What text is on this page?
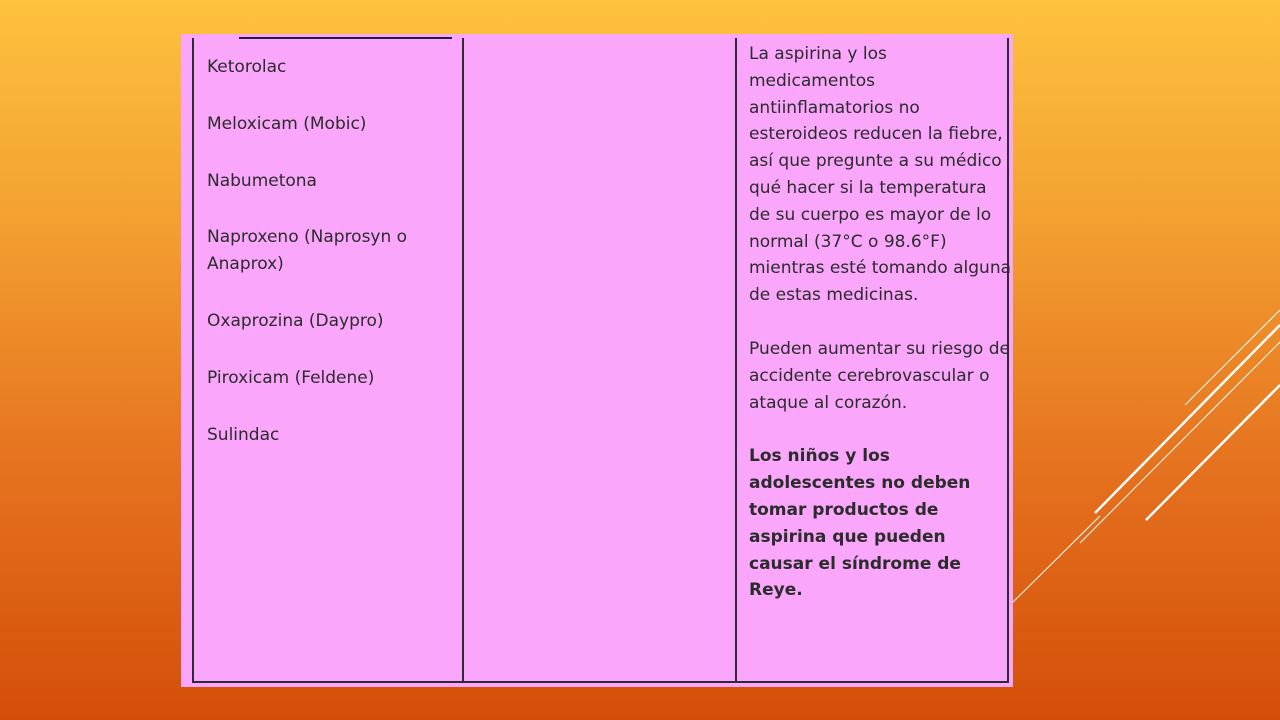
Ketorolac
Meloxicam (Mobic)
Nabumetona
Naproxeno (Naprosyn o Anaprox)
Oxaprozina (Daypro)
Piroxicam (Feldene)
Sulindac
La aspirina y los medicamentos antiinflamatorios no esteroideos reducen la fiebre, así que pregunte a su médico qué hacer si la temperatura de su cuerpo es mayor de lo normal (37°C o 98.6°F) mientras esté tomando alguna de estas medicinas.
Pueden aumentar su riesgo de accidente cerebrovascular o ataque al corazón.
Los niños y los adolescentes no deben tomar productos de aspirina que pueden causar el síndrome de Reye.
